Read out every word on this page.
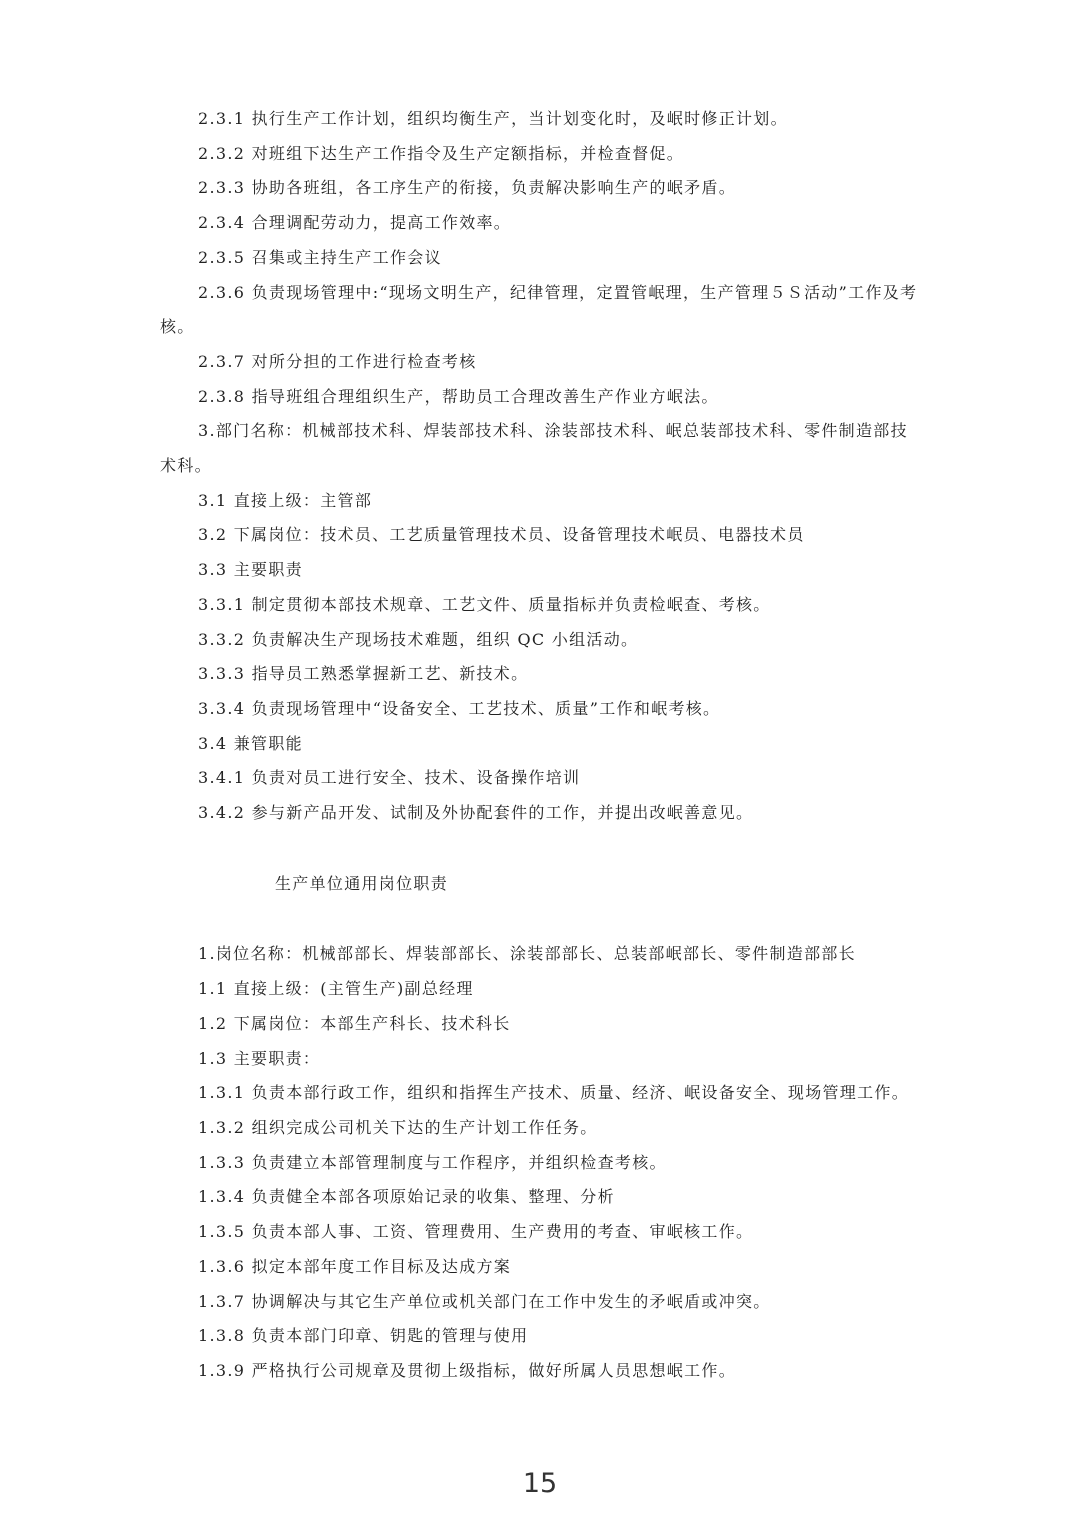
2.3.1 执行生产工作计划，组织均衡生产，当计划变化时，及岷时修正计划。

2.3.2 对班组下达生产工作指令及生产定额指标，并检查督促。

2.3.3 协助各班组，各工序生产的衔接，负责解决影响生产的岷矛盾。

2.3.4 合理调配劳动力，提高工作效率。

2.3.5 召集或主持生产工作会议

2.3.6 负责现场管理中:“现场文明生产，纪律管理，定置管岷理，生产管理５Ｓ活动”工作及考核。

2.3.7 对所分担的工作进行检查考核

2.3.8 指导班组合理组织生产，帮助员工合理改善生产作业方岷法。

3.部门名称：机械部技术科、焊装部技术科、涂装部技术科、岷总装部技术科、零件制造部技术科。

3.1 直接上级：主管部

3.2 下属岗位：技术员、工艺质量管理技术员、设备管理技术岷员、电器技术员

3.3 主要职责

3.3.1 制定贯彻本部技术规章、工艺文件、质量指标并负责检岷查、考核。

3.3.2 负责解决生产现场技术难题，组织 QC 小组活动。

3.3.3 指导员工熟悉掌握新工艺、新技术。

3.3.4 负责现场管理中“设备安全、工艺技术、质量”工作和岷考核。

3.4 兼管职能

3.4.1 负责对员工进行安全、技术、设备操作培训

3.4.2 参与新产品开发、试制及外协配套件的工作，并提出改岷善意见。

生产单位通用岗位职责

1.岗位名称：机械部部长、焊装部部长、涂装部部长、总装部岷部长、零件制造部部长

1.1 直接上级：(主管生产)副总经理

1.2 下属岗位：本部生产科长、技术科长

1.3 主要职责：

1.3.1 负责本部行政工作，组织和指挥生产技术、质量、经济、岷设备安全、现场管理工作。

1.3.2 组织完成公司机关下达的生产计划工作任务。

1.3.3 负责建立本部管理制度与工作程序，并组织检查考核。

1.3.4 负责健全本部各项原始记录的收集、整理、分析

1.3.5 负责本部人事、工资、管理费用、生产费用的考查、审岷核工作。

1.3.6 拟定本部年度工作目标及达成方案

1.3.7 协调解决与其它生产单位或机关部门在工作中发生的矛岷盾或冲突。

1.3.8 负责本部门印章、钥匙的管理与使用

1.3.9 严格执行公司规章及贯彻上级指标，做好所属人员思想岷工作。

15
